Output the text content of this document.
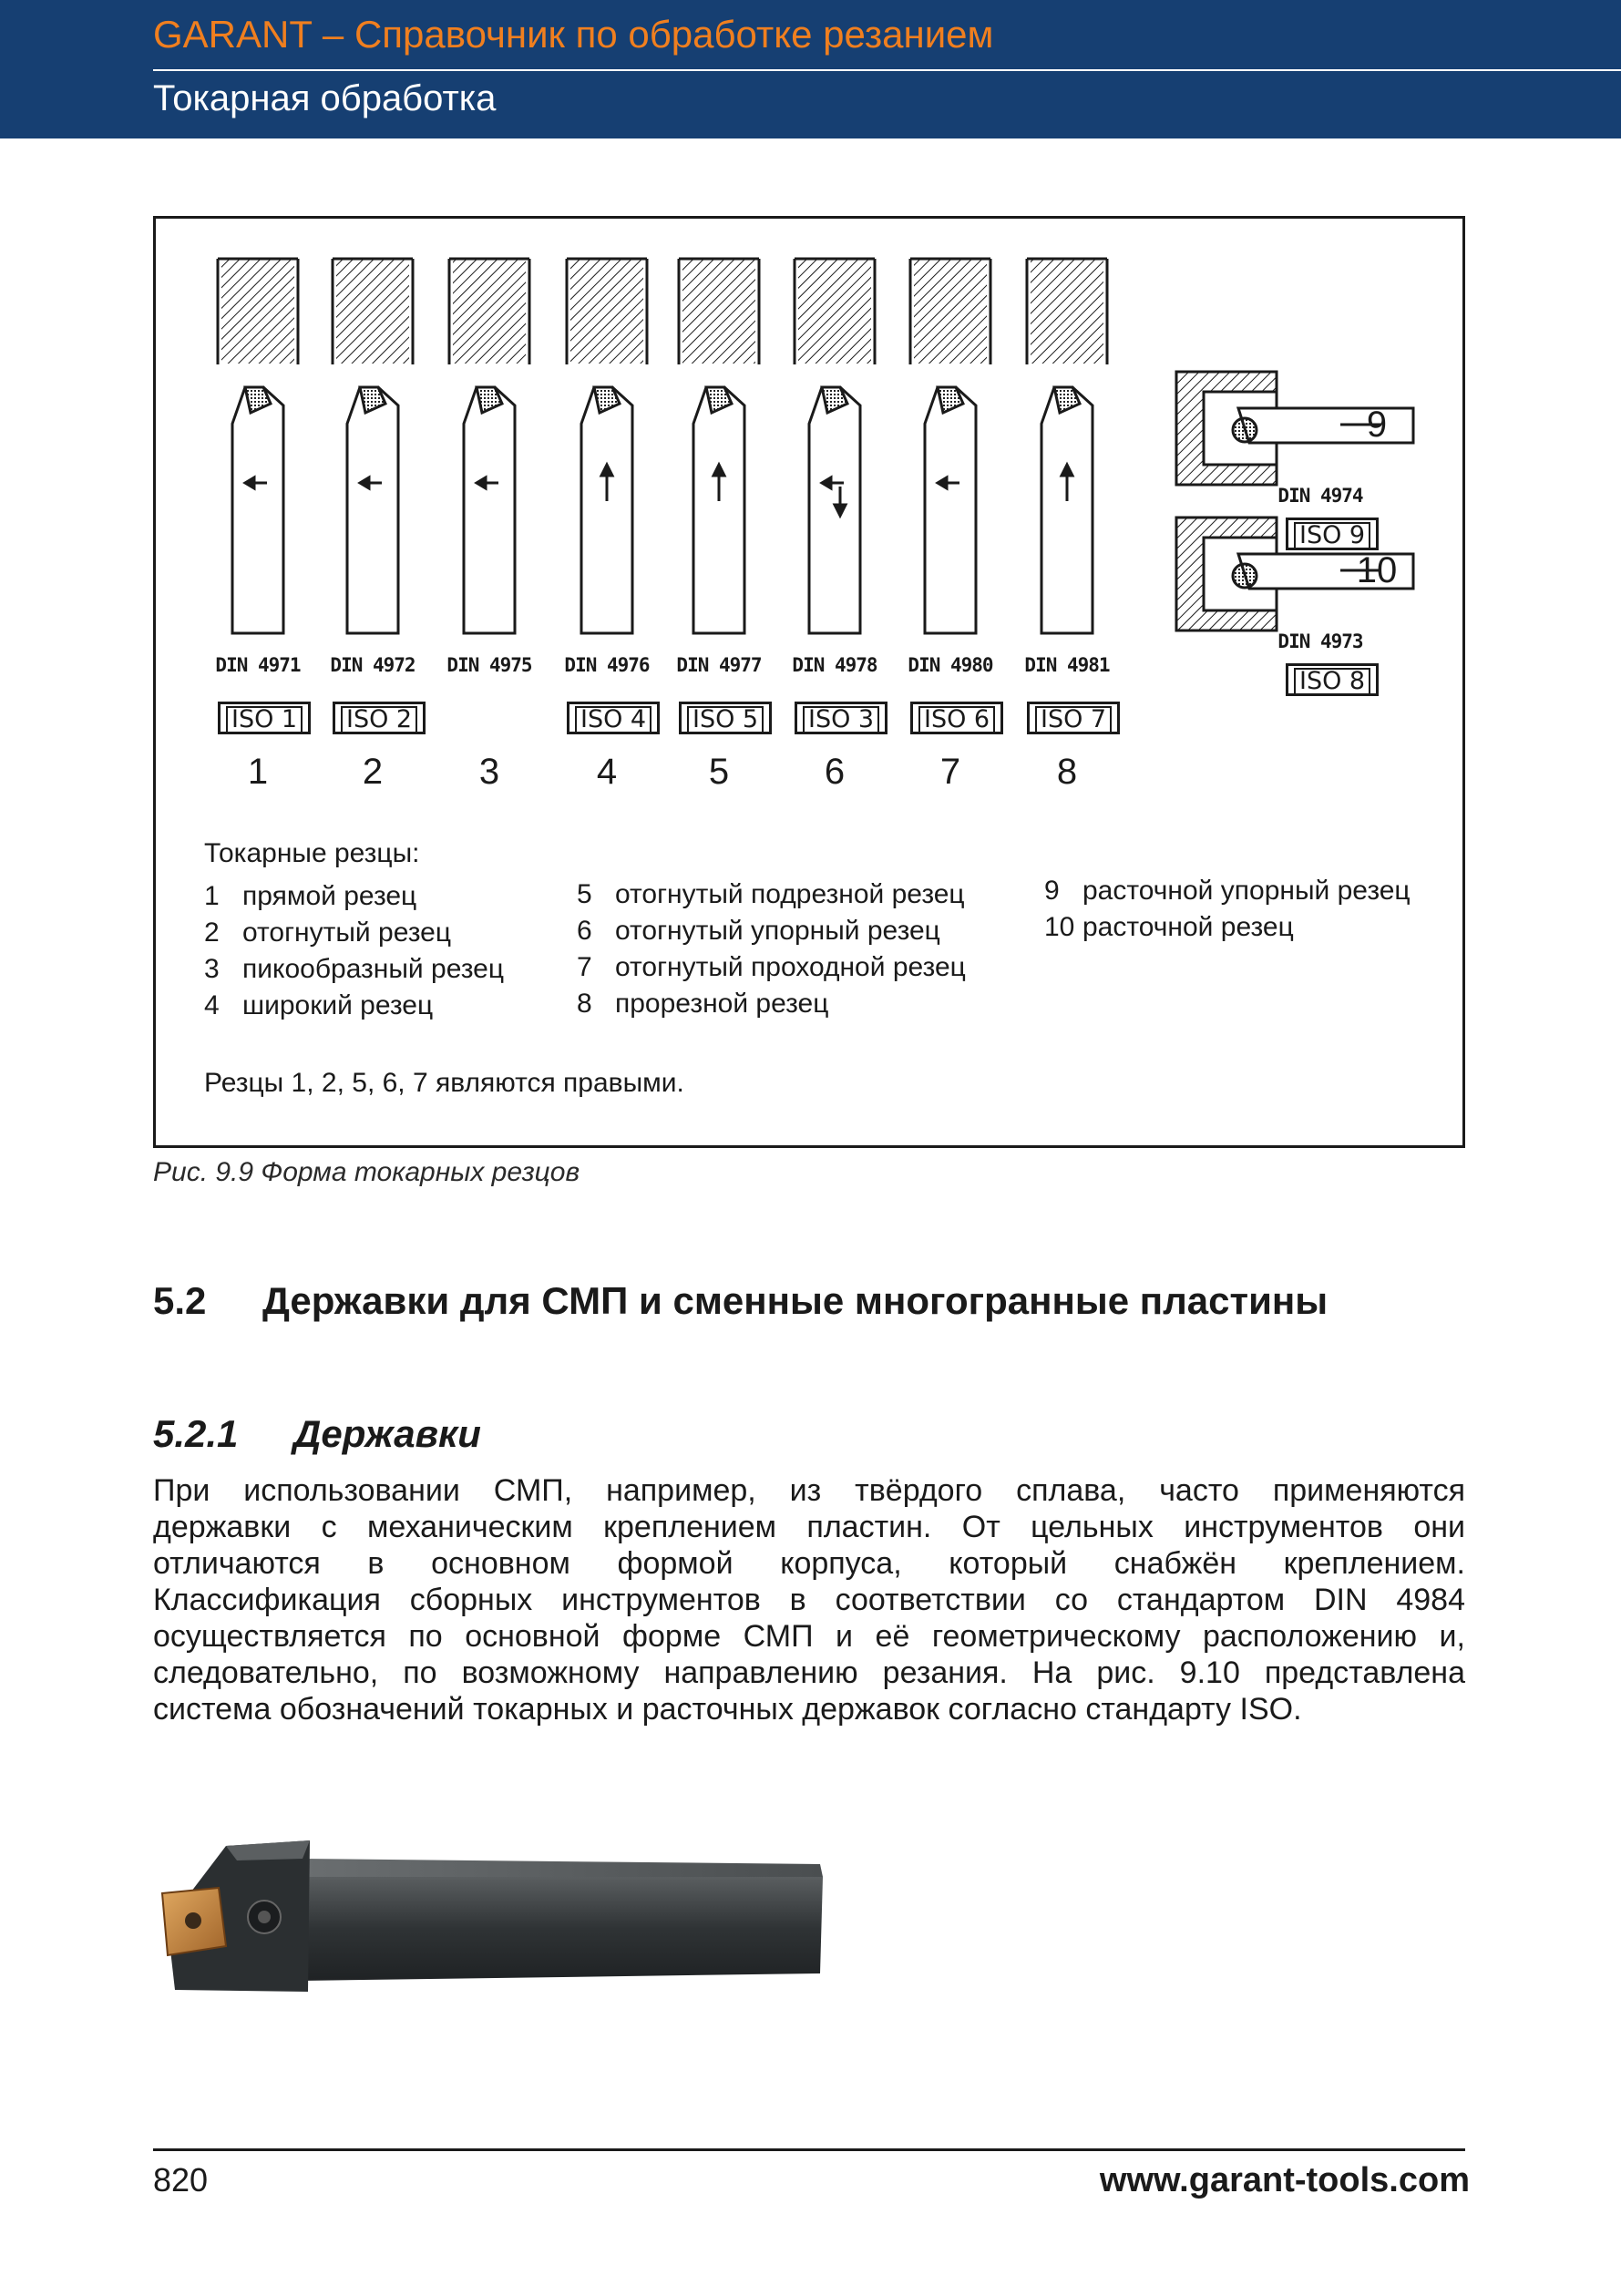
GARANT – Справочник по обработке резанием
Токарная обработка
DIN 4971
ISO 1
1
DIN 4972
ISO 2
2
DIN 4975
3
DIN 4976
ISO 4
4
DIN 4977
ISO 5
5
DIN 4978
ISO 3
6
DIN 4980
ISO 6
7
DIN 4981
ISO 7
8
9
DIN 4974
ISO 9
10
DIN 4973
ISO 8
Токарные резцы:
1 прямой резец
2 отогнутый резец
3 пикообразный резец
4 широкий резец
5 отогнутый подрезной резец
6 отогнутый упорный резец
7 отогнутый проходной резец
8 прорезной резец
9 расточной упорный резец
10 расточной резец
Резцы 1, 2, 5, 6, 7 являются правыми.
Рис. 9.9 Форма токарных резцов
5.2 Державки для СМП и сменные многогранные пластины
5.2.1 Державки
При использовании СМП, например, из твёрдого сплава, часто применяются
державки с механическим креплением пластин. От цельных инструментов они
отличаются в основном формой корпуса, который снабжён креплением.
Классификация сборных инструментов в соответствии со стандартом DIN 4984
осуществляется по основной форме СМП и её геометрическому расположению и,
следовательно, по возможному направлению резания. На рис. 9.10 представлена
система обозначений токарных и расточных державок согласно стандарту ISO.
820	www.garant-tools.com
